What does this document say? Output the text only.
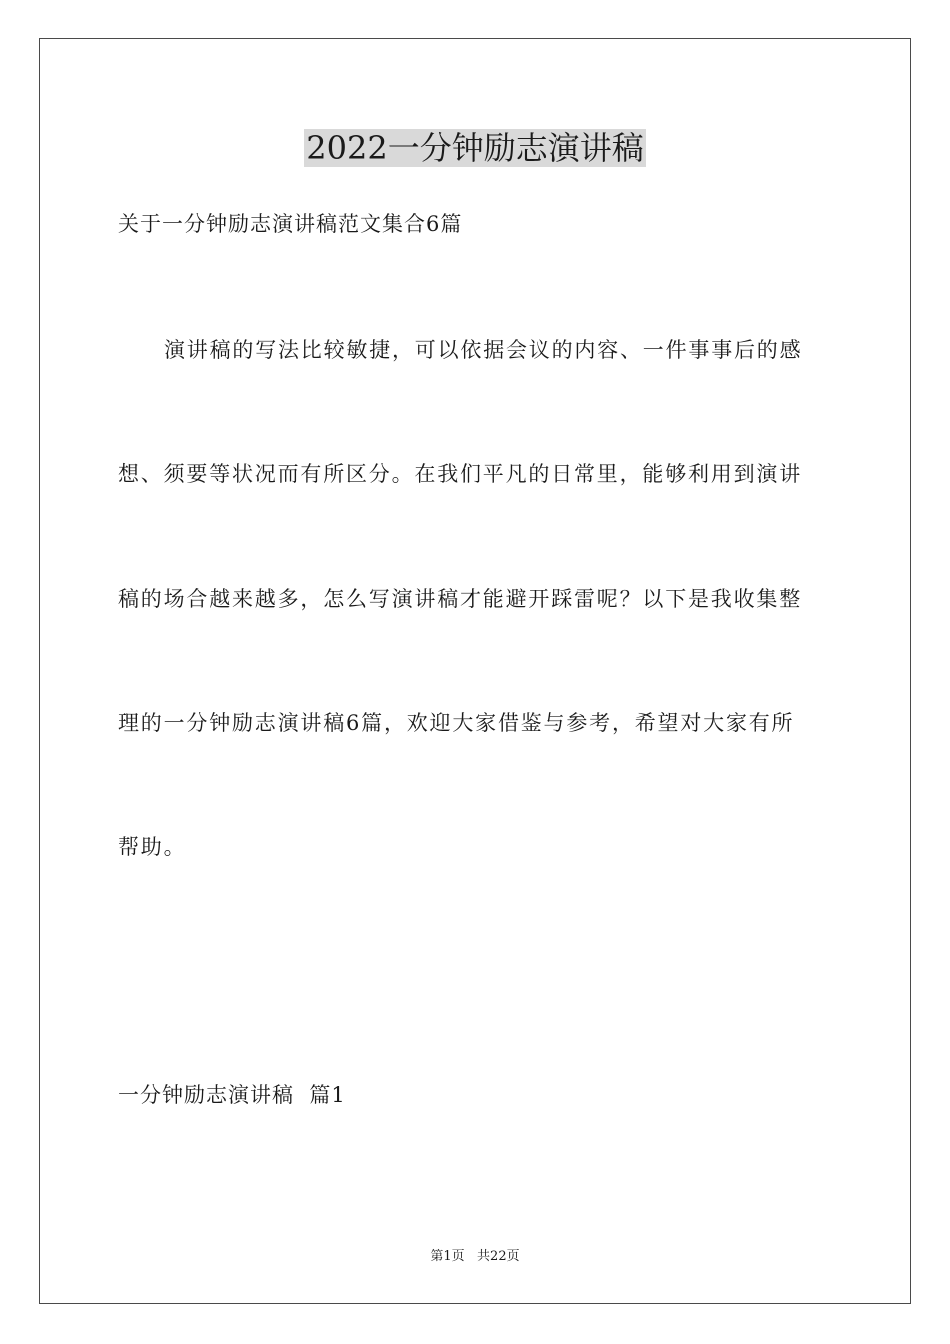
2022一分钟励志演讲稿
关于一分钟励志演讲稿范文集合6篇
演讲稿的写法比较敏捷，可以依据会议的内容、一件事事后的感
想、须要等状况而有所区分。在我们平凡的日常里，能够利用到演讲
稿的场合越来越多，怎么写演讲稿才能避开踩雷呢？以下是我收集整
理的一分钟励志演讲稿6篇，欢迎大家借鉴与参考，希望对大家有所
帮助。
一分钟励志演讲稿  篇1
第1页   共22页
